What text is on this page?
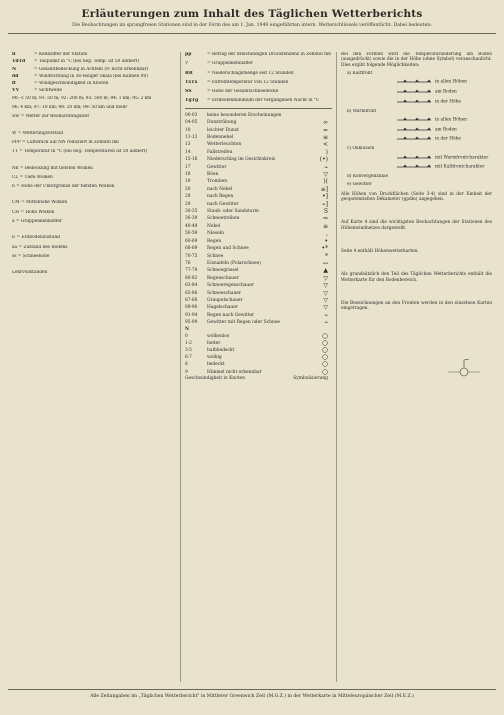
Erläuterungen zum Inhalt des Täglichen Wetterberichts
Die Beobachtungen im sprungfreien Stationen sind in der Form des am 1. Jan. 1949 eingeführten intern. Wetterschlüssels veröffentlicht. Dabei bedeuten:
ii	= Kennziffer der Station
TdTd = Taupunkt in °C (bei neg. Temp. ist 50 addiert)
N	= Gesamtbedeckung in Achteln (9: nicht erkennbar)
dd	= Windrichtung in 36-teiliger Skala (bei Kalmen 00)
ff	= Windgeschwindigkeit in Knoten
VV	= Sichtweite
90: < 50 m; 91: 50 m; 92: 200 m; 93: 500 m; 94: 1 km; 95: 2 km
96: 4 km; 97: 10 km; 98: 20 km; 99: 50 km und mehr
ww = Wetter zur Beobachtungszeit
W = Wetterungsverlauf
PPP = Luftdruck auf NN reduziert in Zehntel mb
TT = Temperatur in °C (bei neg. Temperaturen ist 50 addiert)
Nh = Bedeckung mit tiefsten Wolken
CL = Tiefe Wolken
h = Höhe der Untergrenze der tiefsten Wolken
CM = Mittelhohe Wolken
CH = Hohe Wolken
a = Gruppenkennziffer
E = Erdbodenzustand
aa = Zustand des Bodens
ss = Schneehöhe
Lehrvollständen
pp	= Betrag der dreistündigen Drucktendenz in Zehntel mb
7	= Gruppenkennziffer
RR	= Niederschlagsmenge seit 12 Stunden
TxTx = Extremtemperatur von 12 Stunden
SS	= Höhe der Gesamtschneedecke
TgTg = Erdbodenminimum der vergangenen Nacht in °C
00-03 keine besonderen Erscheinungen
04-05 Dunstrübung	∞
10	leichter Dunst	=
11-12 Bodennebel	≡
13	Wetterleuchten	<
14	Fallstreifen	)
15-16 Niederschlag im Gesichtskreis	(•)
17	Gewitter	⌁
18	Böen	▽
19	Tromben	)(
20	nach Nebel	≡]
28	nach Regen	•]
29	nach Gewitter	⌁]
30-35 Staub- oder Sandsturm	S
36-39 Schneetreiben	⇒
40-49 Nebel	≡
50-59 Nieseln	,
60-69 Regen	•
68-69 Regen und Schnee	•*
70-75 Schnee	*
76	Eisnadeln (Polarschnee)	↔
77-79 Schneegriesel	▲
80-82 Regenschauer	▽
83-84 Schneeregenschauer	▽
85-86 Schneeschauer	▽
87-88 Graupelschauer	▽
89-90 Hagelschauer	▽
91-94 Regen nach Gewitter	⌁
95-99 Gewitter mit Regen oder Schnee	⌁
N
0	wolkenlos
1-2	heiter
3-5	halbbedeckt
6-7	wolkig
8	bedeckt
9	Himmel nicht erkennbar
Geschwindigkeit in Knoten	Symbolisierung
Bei den Formen wird die Temperaturänderung am Boden (ausgedrückt) sowie die in der Höhe (ohne Symbol) veranschaulicht. Dies ergibt folgende Möglichkeiten:
a) Kaltfront
in allen Höhen
am Boden
in der Höhe
b) Warmfront
in allen Höhen
am Boden
in der Höhe
c) Okklusion
mit Warmfrontcharakter
mit Kaltfrontcharakter
d) Konvergenzlinie
e) Gewitter
Alle Höhen von Druckflächen (Seite 3-4) sind in der Einheit der geopotentiellen Dekameter (gpdm) angegeben.
Auf Karte 4 sind die wichtigsten Beobachtungen der Stationen des Höhenwindnetzes dargestellt.
Seite 4 enthält Höhenwetterkarten.
Als grundsätzlich den Teil des Täglichen Wetterberichts enthält die Wetterkarte für den Bodenbereich.
Die Bezeichnungen an den Fronten werden in den einzelnen Karten eingetragen.
Alle Zeitangaben im „Täglichen Wetterbericht" in Mittlerer Greenwich Zeit (M.G.Z.) in der Wetterkarte in Mitteleuropäischer Zeit (M.E.Z.)
